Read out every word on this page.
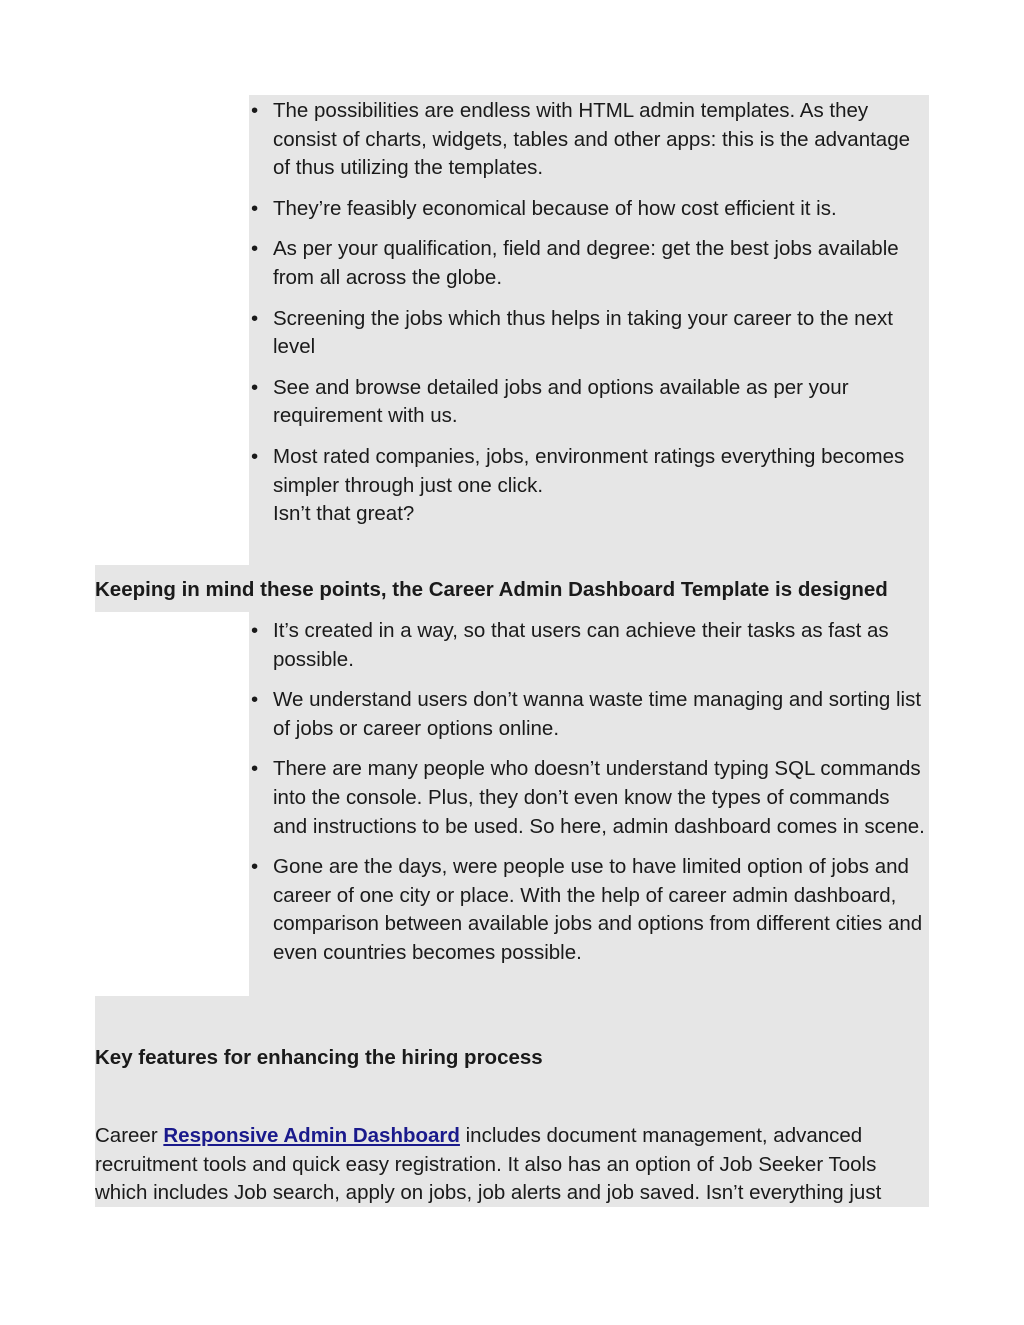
• The possibilities are endless with HTML admin templates. As they consist of charts, widgets, tables and other apps: this is the advantage of thus utilizing the templates.
• They’re feasibly economical because of how cost efficient it is.
• As per your qualification, field and degree: get the best jobs available from all across the globe.
• Screening the jobs which thus helps in taking your career to the next level
• See and browse detailed jobs and options available as per your requirement with us.
• Most rated companies, jobs, environment ratings everything becomes simpler through just one click.
Isn’t that great?
Keeping in mind these points, the Career Admin Dashboard Template is designed
• It’s created in a way, so that users can achieve their tasks as fast as possible.
• We understand users don’t wanna waste time managing and sorting list of jobs or career options online.
• There are many people who doesn’t understand typing SQL commands into the console. Plus, they don’t even know the types of commands and instructions to be used. So here, admin dashboard comes in scene.
• Gone are the days, were people use to have limited option of jobs and career of one city or place. With the help of career admin dashboard, comparison between available jobs and options from different cities and even countries becomes possible.
Key features for enhancing the hiring process
Career Responsive Admin Dashboard includes document management, advanced recruitment tools and quick easy registration. It also has an option of Job Seeker Tools which includes Job search, apply on jobs, job alerts and job saved. Isn’t everything just
